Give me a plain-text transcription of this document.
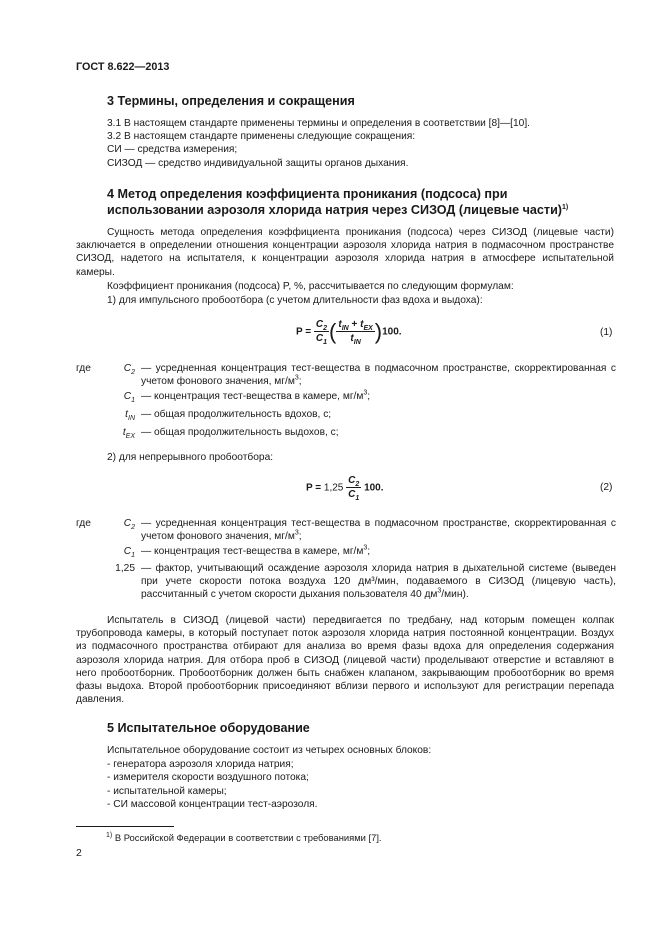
ГОСТ 8.622—2013
3 Термины, определения и сокращения
3.1 В настоящем стандарте применены термины и определения в соответствии [8]—[10].
3.2 В настоящем стандарте применены следующие сокращения:
СИ — средства измерения;
СИЗОД — средство индивидуальной защиты органов дыхания.
4 Метод определения коэффициента проникания (подсоса) при
использовании аэрозоля хлорида натрия через СИЗОД (лицевые части)$^{1)}$
Сущность метода определения коэффициента проникания (подсоса) через СИЗОД (лицевые части) заключается в определении отношения концентрации аэрозоля хлорида натрия в подмасочном пространстве СИЗОД, надетого на испытателя, к концентрации аэрозоля хлорида натрия в атмосфере испытательной камеры.
Коэффициент проникания (подсоса) P, %, рассчитывается по следующим формулам:
1) для импульсного пробоотбора (с учетом длительности фаз вдоха и выдоха):
$P = \frac{C_2}{C_1}$ ( $\frac{t_{IN} + t_{EX}}{t_{IN}} )100$.	(1)
где	$C_2$ — усредненная концентрация тест-вещества в подмасочном пространстве, скорректированная с учетом фонового значения, $мг/м^3$;
$C_1$ — концентрация тест-вещества в камере, $мг/м^3$;
$t_{IN}$ — общая продолжительность вдохов, с;
$t_{EX}$ — общая продолжительность выдохов, с;
2) для непрерывного пробоотбора:
$P = 1,25 \frac{C_2}{C_1} 100$.	(2)
где	$C_2$ — усредненная концентрация тест-вещества в подмасочном пространстве, скорректированная с учетом фонового значения, $мг/м^3$;
$C_1$ — концентрация тест-вещества в камере, $мг/м^3$;
1,25 — фактор, учитывающий осаждение аэрозоля хлорида натрия в дыхательной системе (выведен при учете скорости потока воздуха 120 дм³/мин, подаваемого в СИЗОД (лицевую часть), рассчитанный с учетом скорости дыхания пользователя 40 $дм^3/мин$).
Испытатель в СИЗОД (лицевой части) передвигается по тредбану, над которым помещен колпак трубопровода камеры, в который поступает поток аэрозоля хлорида натрия постоянной концентрации. Воздух из подмасочного пространства отбирают для анализа во время фазы вдоха для определения содержания аэрозоля хлорида натрия. Для отбора проб в СИЗОД (лицевой части) проделывают отверстие и вставляют в него пробоотборник. Пробоотборник должен быть снабжен клапаном, закрывающим пробоотборник во время фазы выдоха. Второй пробоотборник присоединяют вблизи первого и используют для регистрации перепада давления.
5 Испытательное оборудование
Испытательное оборудование состоит из четырех основных блоков:
- генератора аэрозоля хлорида натрия;
- измерителя скорости воздушного потока;
- испытательной камеры;
- СИ массовой концентрации тест-аэрозоля.
$^{1)}$ В Российской Федерации в соответствии с требованиями [7].
2
